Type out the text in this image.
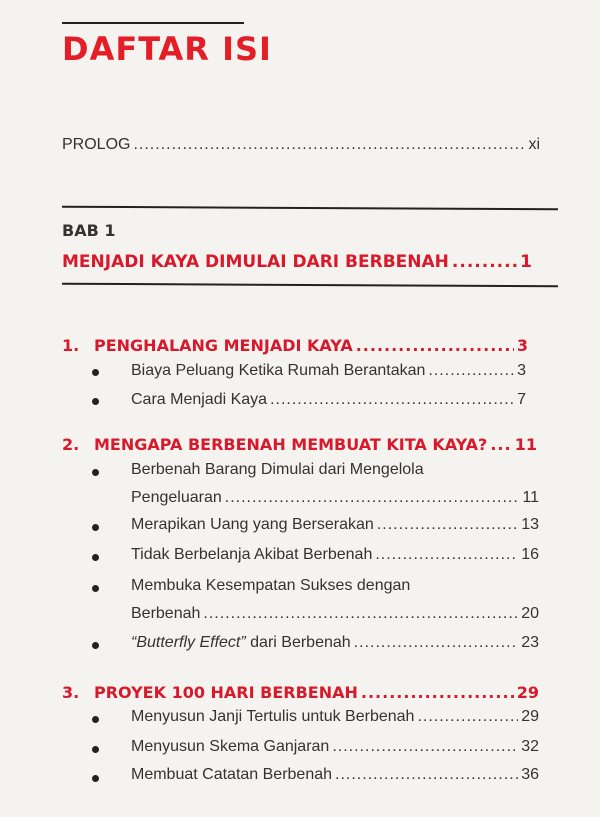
DAFTAR ISI
PROLOG .....	xi
BAB 1
MENJADI KAYA DIMULAI DARI BERBENAH .....	1
1. PENGHALANG MENJADI KAYA .....	3
Biaya Peluang Ketika Rumah Berantakan .....	3
Cara Menjadi Kaya .....	7
2. MENGAPA BERBENAH MEMBUAT KITA KAYA? ..... 11
Berbenah Barang Dimulai dari Mengelola
Pengeluaran .....	11
Merapikan Uang yang Berserakan .....	13
Tidak Berbelanja Akibat Berbenah .....	16
Membuka Kesempatan Sukses dengan
Berbenah .....	20
“Butterfly Effect” dari Berbenah .....	23
3. PROYEK 100 HARI BERBENAH .....	29
Menyusun Janji Tertulis untuk Berbenah .....	29
Menyusun Skema Ganjaran .....	32
Membuat Catatan Berbenah .....	36
